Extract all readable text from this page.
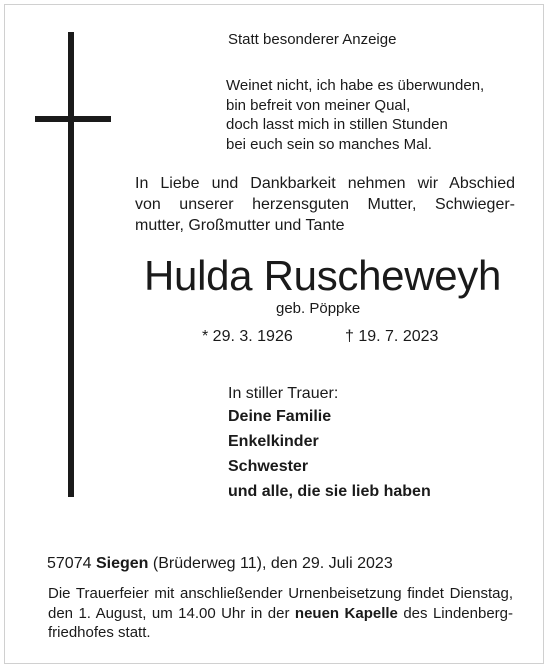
Statt besonderer Anzeige
Weinet nicht, ich habe es überwunden,
bin befreit von meiner Qual,
doch lasst mich in stillen Stunden
bei euch sein so manches Mal.
In Liebe und Dankbarkeit nehmen wir Abschied
von unserer herzensguten Mutter, Schwieger-
mutter, Großmutter und Tante
Hulda Ruscheweyh
geb. Pöppke
* 29. 3. 1926	† 19. 7. 2023
In stiller Trauer:
Deine Familie
Enkelkinder
Schwester
und alle, die sie lieb haben
57074 Siegen (Brüderweg 11), den 29. Juli 2023
Die Trauerfeier mit anschließender Urnenbeisetzung findet Dienstag,
den 1. August, um 14.00 Uhr in der neuen Kapelle des Lindenberg-
friedhofes statt.
